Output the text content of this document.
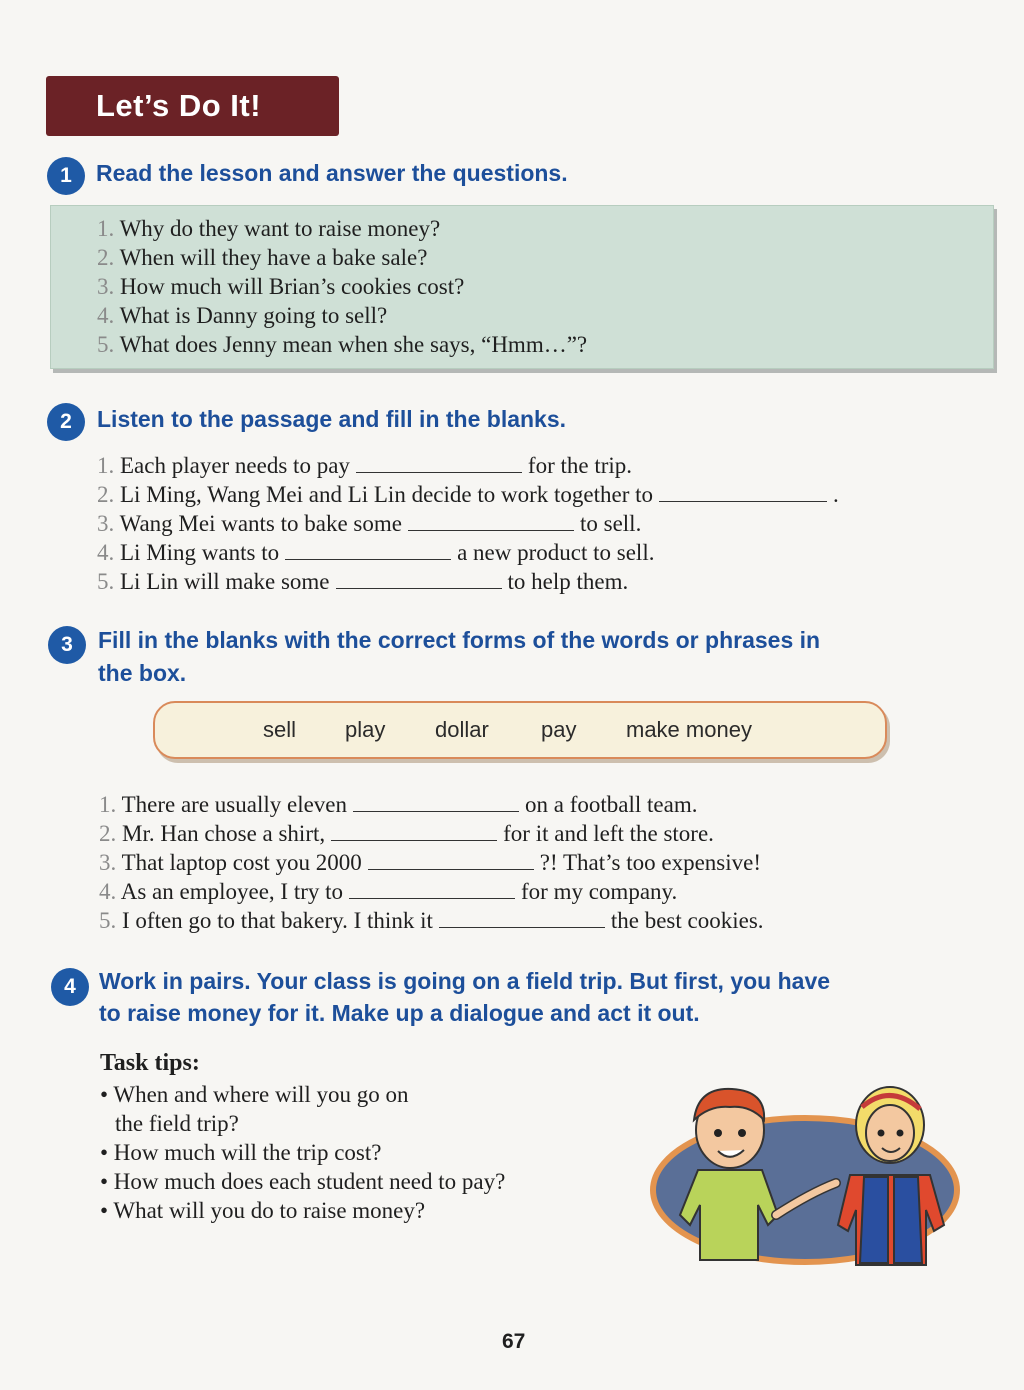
Let’s Do It!
1	Read the lesson and answer the questions.
1. Why do they want to raise money?
2. When will they have a bake sale?
3. How much will Brian’s cookies cost?
4. What is Danny going to sell?
5. What does Jenny mean when she says, “Hmm…”?
2	Listen to the passage and fill in the blanks.
1. Each player needs to pay	for the trip.
2. Li Ming, Wang Mei and Li Lin decide to work together to	.
3. Wang Mei wants to bake some	to sell.
4. Li Ming wants to	a new product to sell.
5. Li Lin will make some	to help them.
3	Fill in the blanks with the correct forms of the words or phrases in
the box.
sell play dollar pay make money
1. There are usually eleven	on a football team.
2. Mr. Han chose a shirt,	for it and left the store.
3. That laptop cost you 2000	?! That’s too expensive!
4. As an employee, I try to	for my company.
5. I often go to that bakery. I think it	the best cookies.
4	Work in pairs. Your class is going on a field trip. But first, you have
to raise money for it. Make up a dialogue and act it out.
Task tips:
• When and where will you go on
the field trip?
• How much will the trip cost?
• How much does each student need to pay?
• What will you do to raise money?
67
